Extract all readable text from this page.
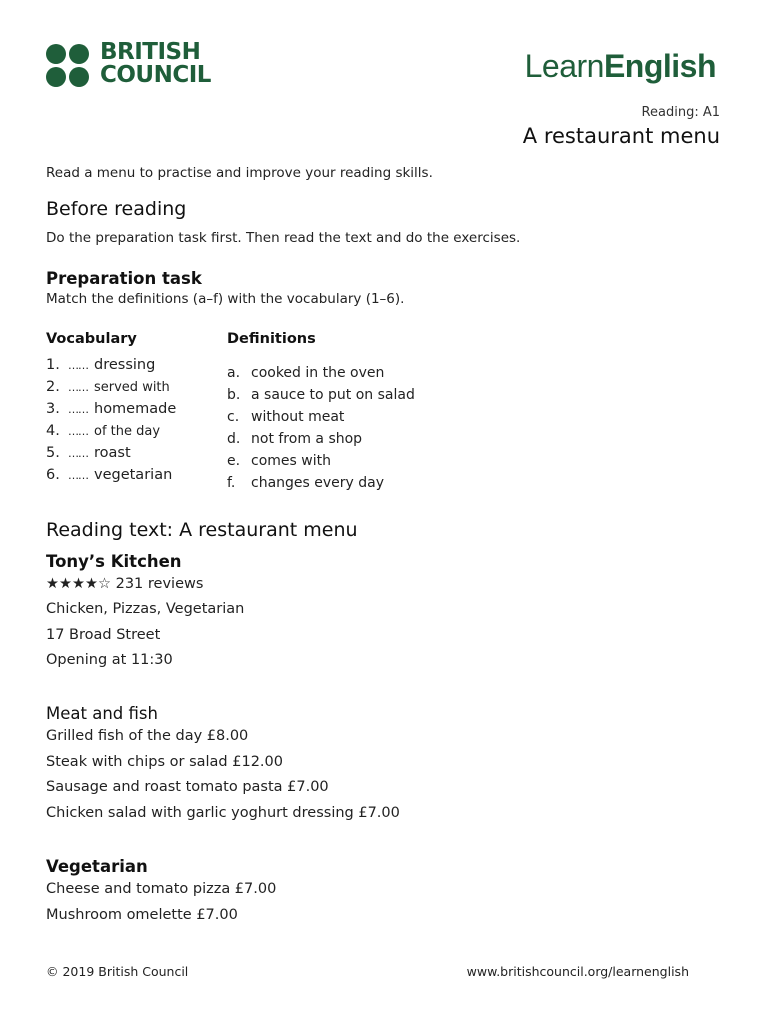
BRITISH
COUNCIL	LearnEnglish
Reading: A1
A restaurant menu
Read a menu to practise and improve your reading skills.
Before reading
Do the preparation task first. Then read the text and do the exercises.
Preparation task
Match the definitions (a–f) with the vocabulary (1–6).
Vocabulary
1. …… dressing
2. …… served with
3. …… homemade
4. …… of the day
5. …… roast
6. …… vegetarian
Definitions
a. cooked in the oven
b. a sauce to put on salad
c. without meat
d. not from a shop
e. comes with
f. changes every day
Reading text: A restaurant menu
Tony’s Kitchen
★★★★☆ 231 reviews
Chicken, Pizzas, Vegetarian
17 Broad Street
Opening at 11:30
Meat and fish
Grilled fish of the day £8.00
Steak with chips or salad £12.00
Sausage and roast tomato pasta £7.00
Chicken salad with garlic yoghurt dressing £7.00
Vegetarian
Cheese and tomato pizza £7.00
Mushroom omelette £7.00
© 2019 British Council	www.britishcouncil.org/learnenglish
